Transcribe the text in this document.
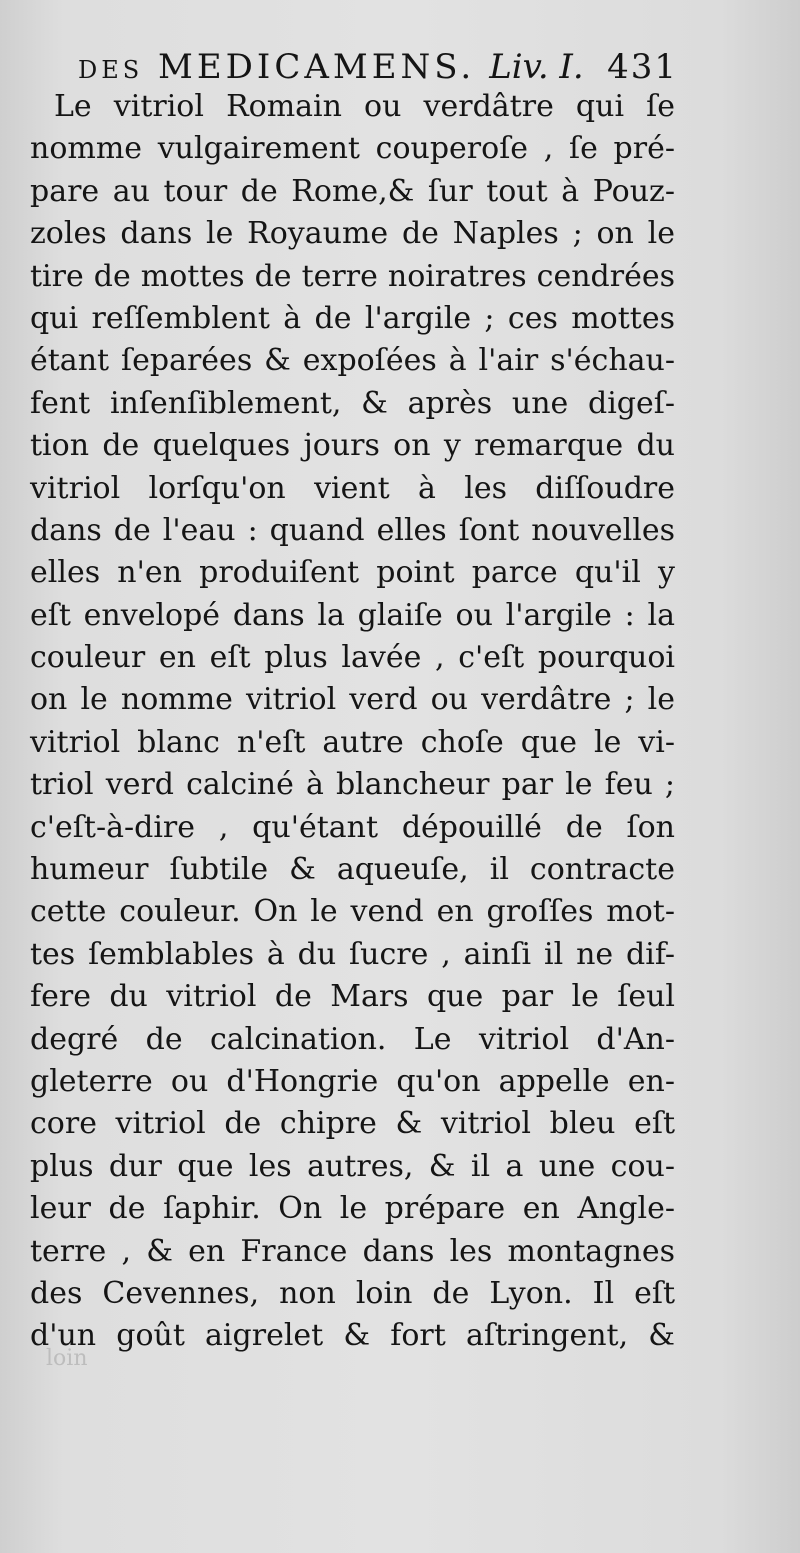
DES MEDICAMENS. Liv. I. 431
Le vitriol Romain ou verdâtre qui ſe
nomme vulgairement couperoſe , ſe pré-
pare au tour de Rome,& ſur tout à Pouz-
zoles dans le Royaume de Naples ; on le
tire de mottes de terre noiratres cendrées
qui reſſemblent à de l'argile ; ces mottes
étant ſeparées & expoſées à l'air s'échau-
fent inſenſiblement, & après une digeſ-
tion de quelques jours on y remarque du
vitriol lorſqu'on vient à les diſſoudre
dans de l'eau : quand elles ſont nouvelles
elles n'en produiſent point parce qu'il y
eſt envelopé dans la glaiſe ou l'argile : la
couleur en eſt plus lavée , c'eſt pourquoi
on le nomme vitriol verd ou verdâtre ; le
vitriol blanc n'eſt autre choſe que le vi-
triol verd calciné à blancheur par le feu ;
c'eſt-à-dire , qu'étant dépouillé de ſon
humeur ſubtile & aqueuſe, il contracte
cette couleur. On le vend en groſſes mot-
tes ſemblables à du ſucre , ainſi il ne dif-
fere du vitriol de Mars que par le ſeul
degré de calcination. Le vitriol d'An-
gleterre ou d'Hongrie qu'on appelle en-
core vitriol de chipre & vitriol bleu eſt
plus dur que les autres, & il a une cou-
leur de ſaphir. On le prépare en Angle-
terre , & en France dans les montagnes
des Cevennes, non loin de Lyon. Il eſt
d'un goût aigrelet & fort aſtringent, &
loin
